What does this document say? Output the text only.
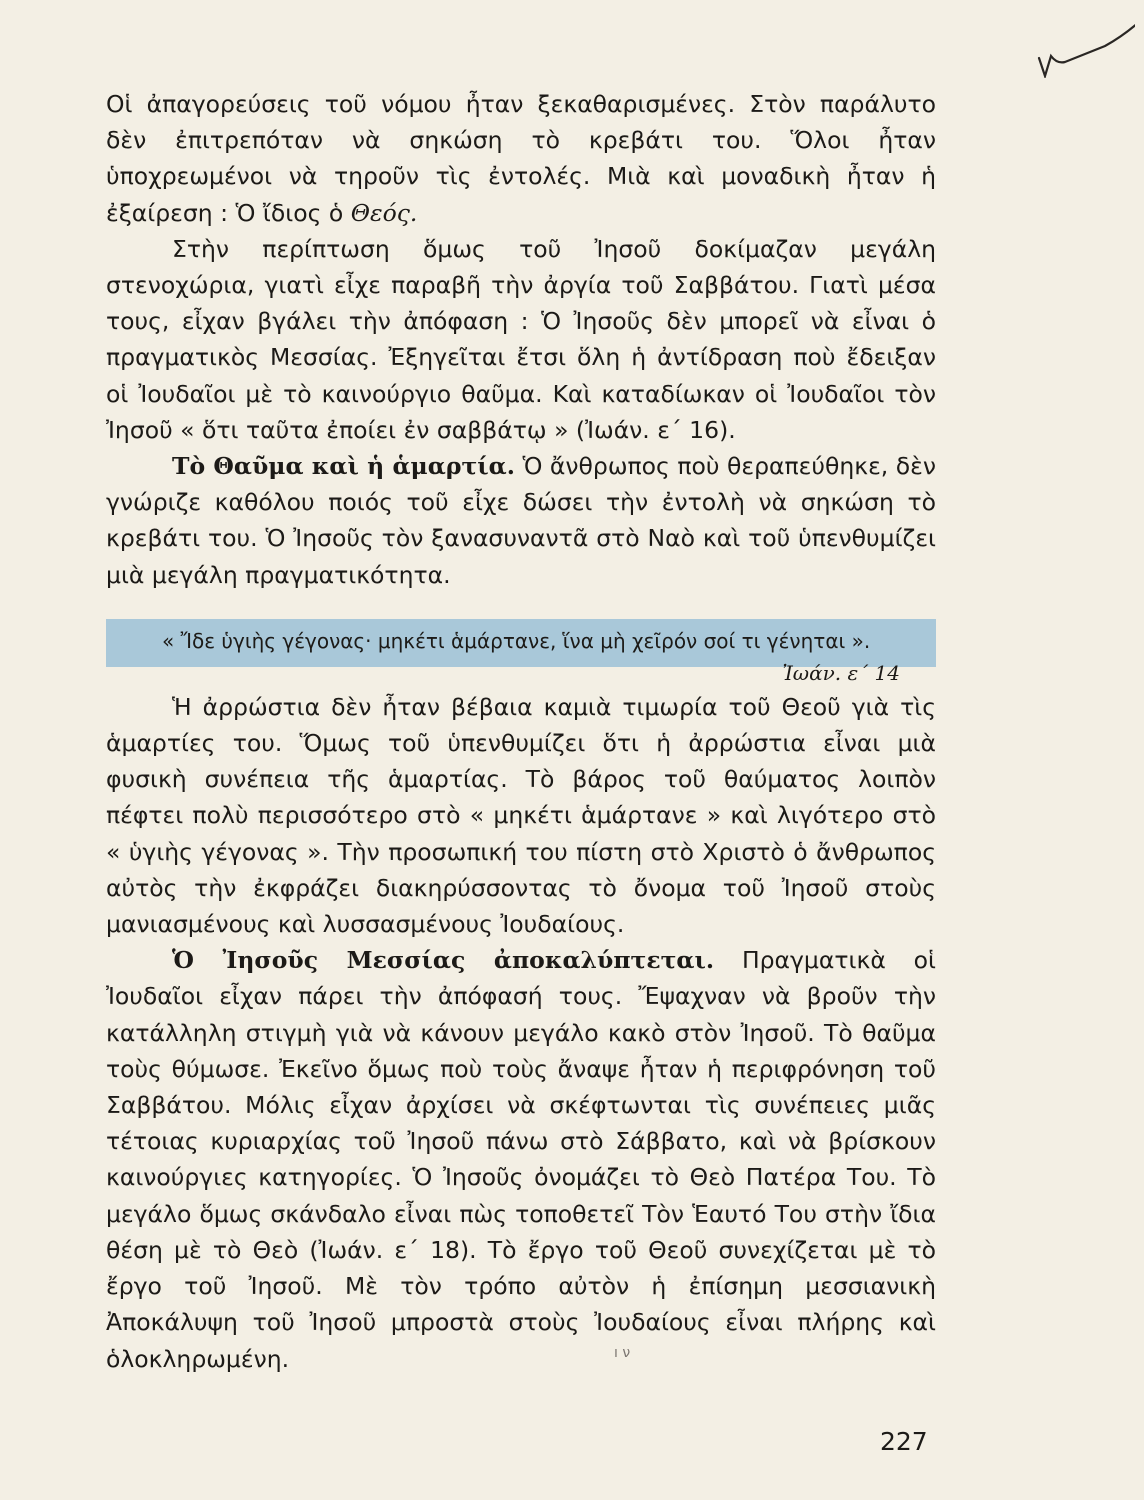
Οἱ ἀπαγορεύσεις τοῦ νόμου ἦταν ξεκαθαρισμένες. Στὸν παράλυτο δὲν ἐπιτρεπόταν νὰ σηκώση τὸ κρεβάτι του. Ὅλοι ἦταν ὑποχρεωμένοι νὰ τηροῦν τὶς ἐντολές. Μιὰ καὶ μοναδικὴ ἦταν ἡ ἐξαίρεση : Ὁ ἴδιος ὁ Θεός.

Στὴν περίπτωση ὅμως τοῦ Ἰησοῦ δοκίμαζαν μεγάλη στενοχώρια, γιατὶ εἶχε παραβῆ τὴν ἀργία τοῦ Σαββάτου. Γιατὶ μέσα τους, εἶχαν βγάλει τὴν ἀπόφαση : Ὁ Ἰησοῦς δὲν μπορεῖ νὰ εἶναι ὁ πραγματικὸς Μεσσίας. Ἐξηγεῖται ἔτσι ὅλη ἡ ἀντίδραση ποὺ ἔδειξαν οἱ Ἰουδαῖοι μὲ τὸ καινούργιο θαῦμα. Καὶ καταδίωκαν οἱ Ἰουδαῖοι τὸν Ἰησοῦ « ὅτι ταῦτα ἐποίει ἐν σαββάτῳ » (Ἰωάν. ε΄ 16).

Τὸ Θαῦμα καὶ ἡ ἁμαρτία. Ὁ ἄνθρωπος ποὺ θεραπεύθηκε, δὲν γνώριζε καθόλου ποιός τοῦ εἶχε δώσει τὴν ἐντολὴ νὰ σηκώση τὸ κρεβάτι του. Ὁ Ἰησοῦς τὸν ξανασυναντᾶ στὸ Ναὸ καὶ τοῦ ὑπενθυμίζει μιὰ μεγάλη πραγματικότητα.

« Ἴδε ὑγιὴς γέγονας· μηκέτι ἁμάρτανε, ἵνα μὴ χεῖρόν σοί τι γένηται ».
Ἰωάν. ε΄ 14

Ἡ ἀρρώστια δὲν ἦταν βέβαια καμιὰ τιμωρία τοῦ Θεοῦ γιὰ τὶς ἁμαρτίες του. Ὅμως τοῦ ὑπενθυμίζει ὅτι ἡ ἀρρώστια εἶναι μιὰ φυσικὴ συνέπεια τῆς ἁμαρτίας. Τὸ βάρος τοῦ θαύματος λοιπὸν πέφτει πολὺ περισσότερο στὸ « μηκέτι ἁμάρτανε » καὶ λιγότερο στὸ « ὑγιὴς γέγονας ». Τὴν προσωπική του πίστη στὸ Χριστὸ ὁ ἄνθρωπος αὐτὸς τὴν ἐκφράζει διακηρύσσοντας τὸ ὄνομα τοῦ Ἰησοῦ στοὺς μανιασμένους καὶ λυσσασμένους Ἰουδαίους.

Ὁ Ἰησοῦς Μεσσίας ἀποκαλύπτεται. Πραγματικὰ οἱ Ἰουδαῖοι εἶχαν πάρει τὴν ἀπόφασή τους. Ἔψαχναν νὰ βροῦν τὴν κατάλληλη στιγμὴ γιὰ νὰ κάνουν μεγάλο κακὸ στὸν Ἰησοῦ. Τὸ θαῦμα τοὺς θύμωσε. Ἐκεῖνο ὅμως ποὺ τοὺς ἄναψε ἦταν ἡ περιφρόνηση τοῦ Σαββάτου. Μόλις εἶχαν ἀρχίσει νὰ σκέφτωνται τὶς συνέπειες μιᾶς τέτοιας κυριαρχίας τοῦ Ἰησοῦ πάνω στὸ Σάββατο, καὶ νὰ βρίσκουν καινούργιες κατηγορίες. Ὁ Ἰησοῦς ὀνομάζει τὸ Θεὸ Πατέρα Του. Τὸ μεγάλο ὅμως σκάνδαλο εἶναι πὼς τοποθετεῖ Τὸν Ἑαυτό Του στὴν ἴδια θέση μὲ τὸ Θεὸ (Ἰωάν. ε΄ 18). Τὸ ἔργο τοῦ Θεοῦ συνεχίζεται μὲ τὸ ἔργο τοῦ Ἰησοῦ. Μὲ τὸν τρόπο αὐτὸν ἡ ἐπίσημη μεσσιανικὴ Ἀποκάλυψη τοῦ Ἰησοῦ μπροστὰ στοὺς Ἰουδαίους εἶναι πλήρης καὶ ὁλοκληρωμένη.	ı ν
227
